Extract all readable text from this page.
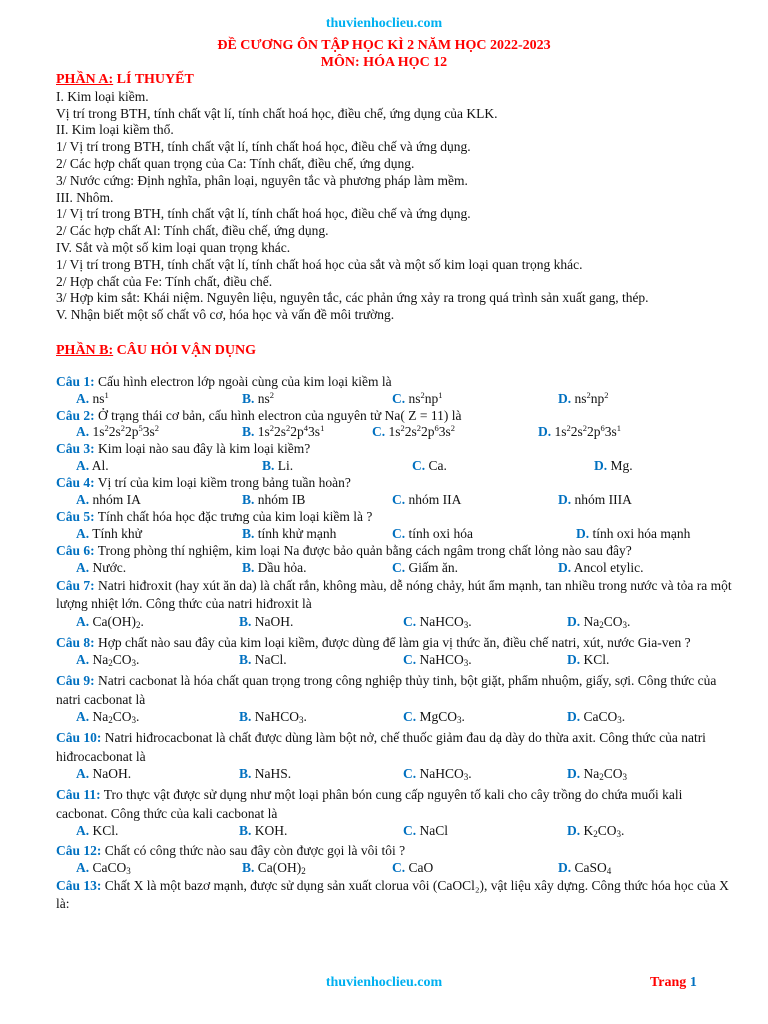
thuvienhoclieu.com
ĐỀ CƯƠNG ÔN TẬP HỌC KÌ 2 NĂM HỌC 2022-2023
MÔN: HÓA HỌC 12
PHẦN A: LÍ THUYẾT
I. Kim loại kiềm.
Vị trí trong BTH, tính chất vật lí, tính chất hoá học, điều chế, ứng dụng của KLK.
II. Kim loại kiềm thổ.
1/ Vị trí trong BTH, tính chất vật lí, tính chất hoá học, điều chế và ứng dụng.
2/ Các hợp chất quan trọng của Ca: Tính chất, điều chế, ứng dụng.
3/ Nước cứng: Định nghĩa, phân loại, nguyên tắc và phương pháp làm mềm.
III. Nhôm.
1/ Vị trí trong BTH, tính chất vật lí, tính chất hoá học, điều chế và ứng dụng.
2/ Các hợp chất Al: Tính chất, điều chế, ứng dụng.
IV. Sắt và một số kim loại quan trọng khác.
1/ Vị trí trong BTH, tính chất vật lí, tính chất hoá học của sắt và một số kim loại quan trọng khác.
2/ Hợp chất của Fe: Tính chất, điều chế.
3/ Hợp kim sắt: Khái niệm. Nguyên liệu, nguyên tắc, các phản ứng xảy ra trong quá trình sản xuất gang, thép.
V. Nhận biết một số chất vô cơ, hóa học và vấn đề môi trường.
PHẦN B: CÂU HỎI VẬN DỤNG
Câu 1: Cấu hình electron lớp ngoài cùng của kim loại kiềm là
A. $ns^1$	B. $ns^2$	C. $ns^2np^1$	D. $ns^2np^2$
Câu 2: Ở trạng thái cơ bản, cấu hình electron của nguyên tử Na( Z = 11) là
A. $1s^22s^22p^53s^2$	B. $1s^22s^22p^43s^1$	C. $1s^22s^22p^63s^2$	D. $1s^22s^22p^63s^1$
Câu 3: Kim loại nào sau đây là kim loại kiềm?
A. Al.	B. Li.	C. Ca.	D. Mg.
Câu 4: Vị trí của kim loại kiềm trong bảng tuần hoàn?
A. nhóm IA	B. nhóm IB	C. nhóm IIA	D. nhóm IIIA
Câu 5: Tính chất hóa học đặc trưng của kim loại kiềm là ?
A. Tính khử	B. tính khử mạnh	C. tính oxi hóa	D. tính oxi hóa mạnh
Câu 6: Trong phòng thí nghiệm, kim loại Na được bảo quản bằng cách ngâm trong chất lỏng nào sau đây?
A. Nước.	B. Dầu hỏa.	C. Giấm ăn.	D. Ancol etylic.
Câu 7: Natri hiđroxit (hay xút ăn da) là chất rắn, không màu, dễ nóng chảy, hút ẩm mạnh, tan nhiều trong nước và tỏa ra một lượng nhiệt lớn. Công thức của natri hiđroxit là
A. $Ca(OH)_2$.	B. NaOH.	C. NaHCO$_3$.	D. $Na_2CO_3$.
Câu 8: Hợp chất nào sau đây của kim loại kiềm, được dùng để làm gia vị thức ăn, điều chế natri, xút, nước Gia-ven ?
A. $Na_2CO_3$.	B. NaCl.	C. NaHCO$_3$.	D. KCl.
Câu 9: Natri cacbonat là hóa chất quan trọng trong công nghiệp thủy tinh, bột giặt, phẩm nhuộm, giấy, sợi. Công thức của natri cacbonat là
A. $Na_2CO_3$.	B. NaHCO$_3$.	C. MgCO$_3$.	D. CaCO$_3$.
Câu 10: Natri hiđrocacbonat là chất được dùng làm bột nở, chế thuốc giảm đau dạ dày do thừa axit. Công thức của natri hiđrocacbonat là
A. NaOH.	B. NaHS.	C. NaHCO$_3$.	D. $Na_2CO_3$
Câu 11: Tro thực vật được sử dụng như một loại phân bón cung cấp nguyên tố kali cho cây trồng do chứa muối kali cacbonat. Công thức của kali cacbonat là
A. KCl.	B. KOH.	C. NaCl	D. $K_2CO_3$.
Câu 12: Chất có công thức nào sau đây còn được gọi là vôi tôi ?
A. CaCO$_3$	B. $Ca(OH)_2$	C. CaO	D. CaSO$_4$
Câu 13: Chất X là một bazơ mạnh, được sử dụng sản xuất clorua vôi (CaOCl₂), vật liệu xây dựng. Công thức hóa học của X là:
thuvienhoclieu.com	Trang 1
